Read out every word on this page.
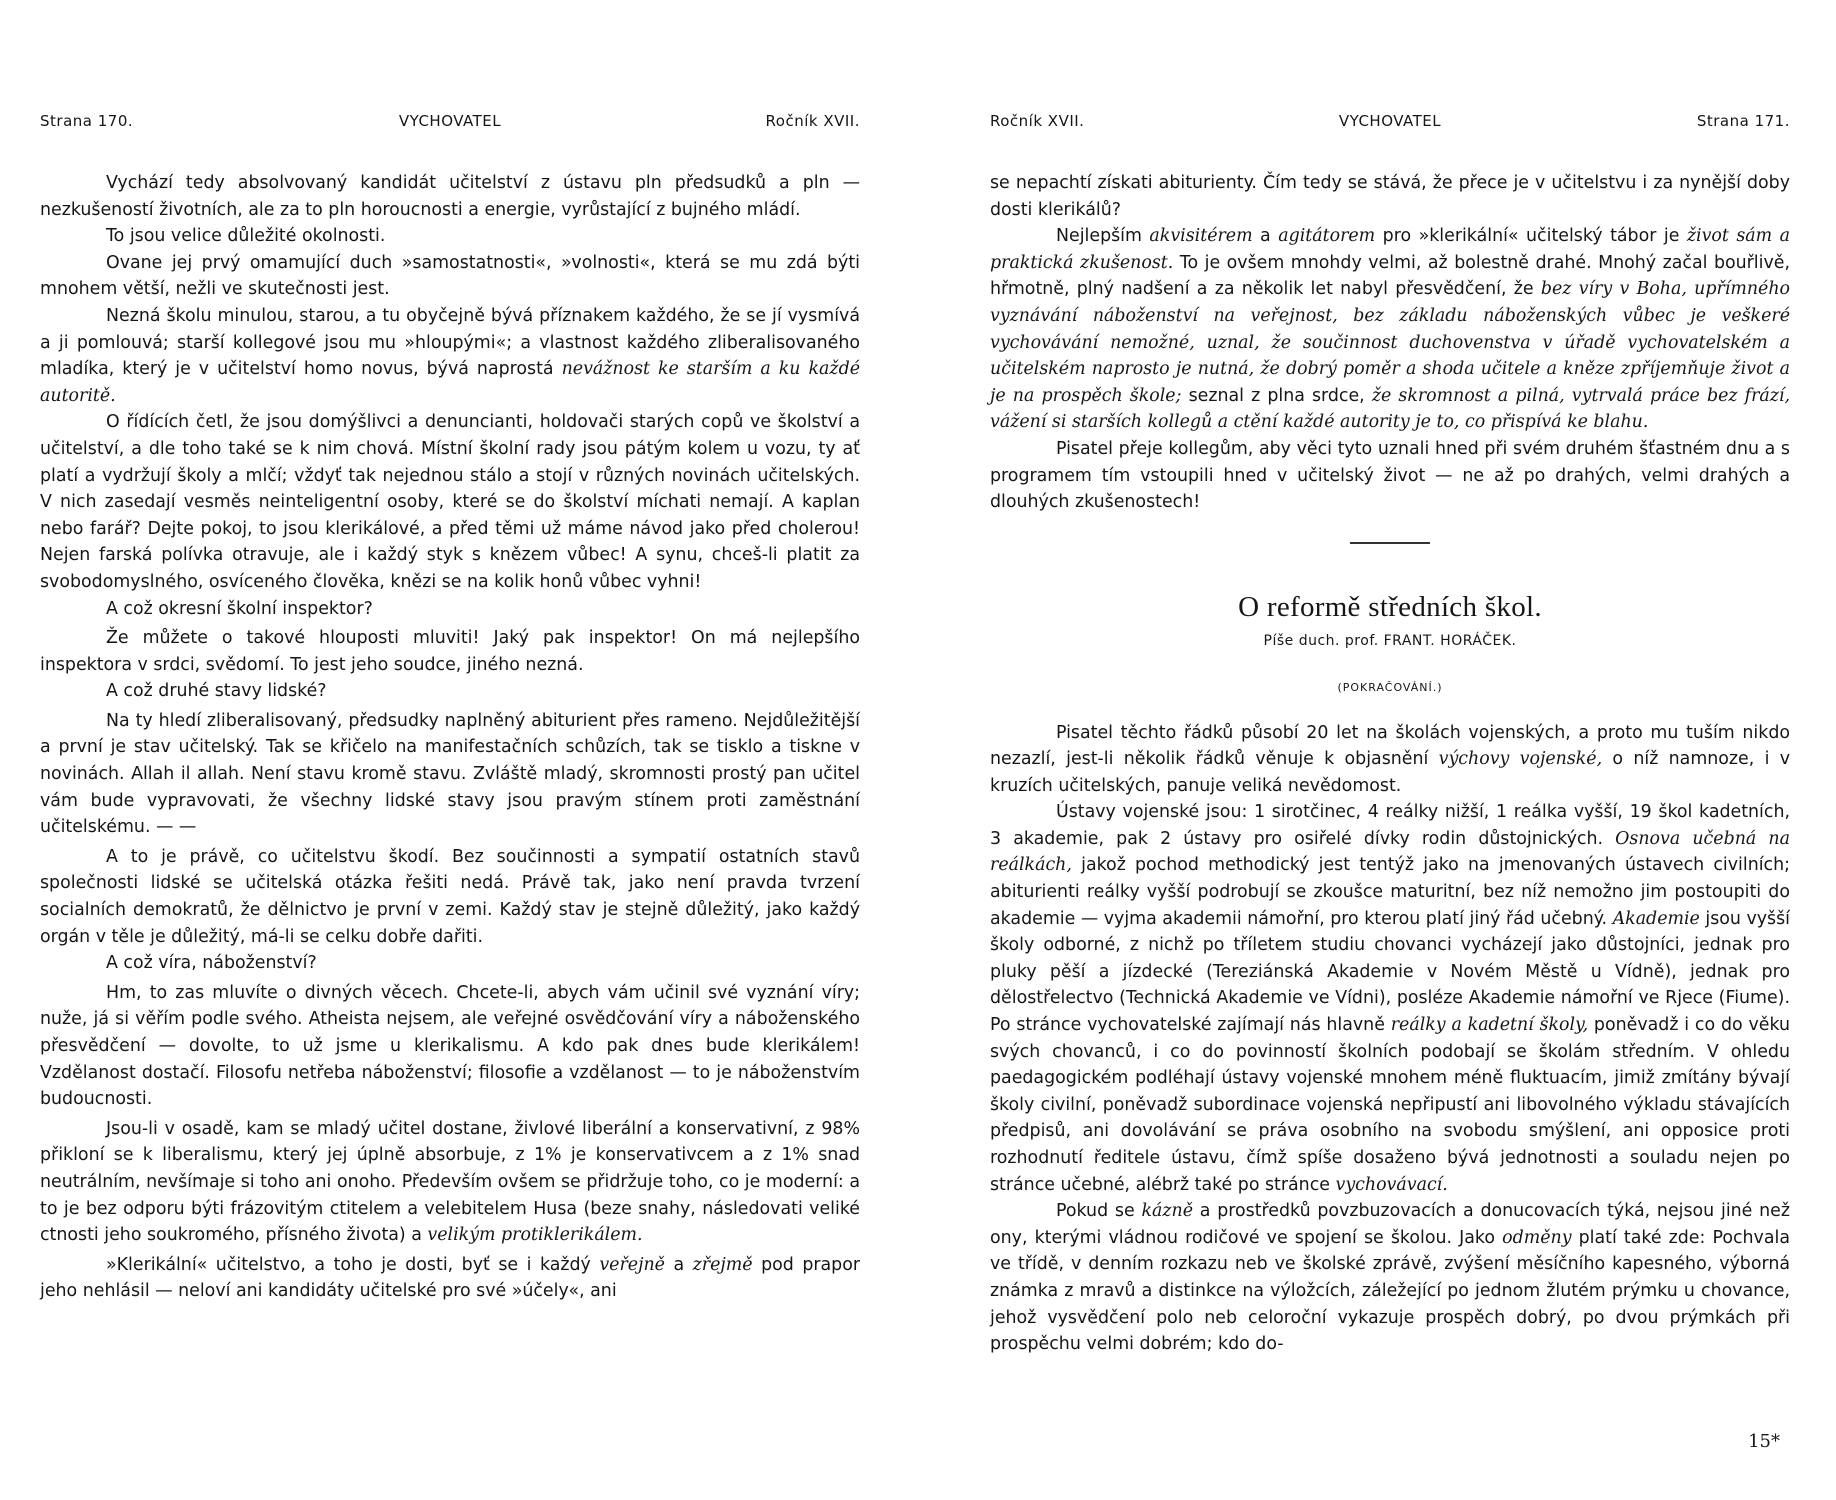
Strana 170.	VYCHOVATEL	Ročník XVII.

Vychází tedy absolvovaný kandidát učitelství z ústavu pln předsudků a pln — nezkušeností životních, ale za to pln horoucnosti a energie, vyrůstající z bujného mládí.

To jsou velice důležité okolnosti.

Ovane jej prvý omamující duch »samostatnosti«, »volnosti«, která se mu zdá býti mnohem větší, nežli ve skutečnosti jest.

Nezná školu minulou, starou, a tu obyčejně bývá příznakem každého, že se jí vysmívá a ji pomlouvá; starší kollegové jsou mu »hloupými«; a vlastnost každého zliberalisovaného mladíka, který je v učitelství homo novus, bývá naprostá nevážnost ke starším a ku každé autoritě.

O řídících četl, že jsou domýšlivci a denuncianti, holdovači starých copů ve školství a učitelství, a dle toho také se k nim chová. Místní školní rady jsou pátým kolem u vozu, ty ať platí a vydržují školy a mlčí; vždyť tak nejednou stálo a stojí v různých novinách učitelských. V nich zasedají vesměs neinteligentní osoby, které se do školství míchati nemají. A kaplan nebo farář? Dejte pokoj, to jsou klerikálové, a před těmi už máme návod jako před cholerou! Nejen farská polívka otravuje, ale i každý styk s knězem vůbec! A synu, chceš-li platit za svobodomyslného, osvíceného člověka, knězi se na kolik honů vůbec vyhni!

A což okresní školní inspektor?

Že můžete o takové hlouposti mluviti! Jaký pak inspektor! On má nejlepšího inspektora v srdci, svědomí. To jest jeho soudce, jiného nezná.

A což druhé stavy lidské?

Na ty hledí zliberalisovaný, předsudky naplněný abiturient přes rameno. Nejdůležitější a první je stav učitelský. Tak se křičelo na manifestačních schůzích, tak se tisklo a tiskne v novinách. Allah il allah. Není stavu kromě stavu. Zvláště mladý, skromnosti prostý pan učitel vám bude vypravovati, že všechny lidské stavy jsou pravým stínem proti zaměstnání učitelskému. — —

A to je právě, co učitelstvu škodí. Bez součinnosti a sympatií ostatních stavů společnosti lidské se učitelská otázka řešiti nedá. Právě tak, jako není pravda tvrzení socialních demokratů, že dělnictvo je první v zemi. Každý stav je stejně důležitý, jako každý orgán v těle je důležitý, má-li se celku dobře dařiti.

A což víra, náboženství?

Hm, to zas mluvíte o divných věcech. Chcete-li, abych vám učinil své vyznání víry; nuže, já si věřím podle svého. Atheista nejsem, ale veřejné osvědčování víry a náboženského přesvědčení — dovolte, to už jsme u klerikalismu. A kdo pak dnes bude klerikálem! Vzdělanost dostačí. Filosofu netřeba náboženství; filosofie a vzdělanost — to je náboženstvím budoucnosti.

Jsou-li v osadě, kam se mladý učitel dostane, živlové liberální a konservativní, z 98% přikloní se k liberalismu, který jej úplně absorbuje, z 1% je konservativcem a z 1% snad neutrálním, nevšímaje si toho ani onoho. Především ovšem se přidržuje toho, co je moderní: a to je bez odporu býti frázovitým ctitelem a velebitelem Husa (beze snahy, následovati veliké ctnosti jeho soukromého, přísného života) a velikým protiklerikálem.

»Klerikální« učitelstvo, a toho je dosti, byť se i každý veřejně a zřejmě pod prapor jeho nehlásil — neloví ani kandidáty učitelské pro své »účely«, ani

Ročník XVII.	VYCHOVATEL	Strana 171.

se nepachtí získati abiturienty. Čím tedy se stává, že přece je v učitelstvu i za nynější doby dosti klerikálů?

Nejlepším akvisitérem a agitátorem pro »klerikální« učitelský tábor je život sám a praktická zkušenost. To je ovšem mnohdy velmi, až bolestně drahé. Mnohý začal bouřlivě, hřmotně, plný nadšení a za několik let nabyl přesvědčení, že bez víry v Boha, upřímného vyznávání náboženství na veřejnost, bez základu náboženských vůbec je veškeré vychovávání nemožné, uznal, že součinnost duchovenstva v úřadě vychovatelském a učitelském naprosto je nutná, že dobrý poměr a shoda učitele a kněze zpříjemňuje život a je na prospěch škole; seznal z plna srdce, že skromnost a pilná, vytrvalá práce bez frází, vážení si starších kollegů a ctění každé autority je to, co přispívá ke blahu.

Pisatel přeje kollegům, aby věci tyto uznali hned při svém druhém šťastném dnu a s programem tím vstoupili hned v učitelský život — ne až po drahých, velmi drahých a dlouhých zkušenostech!

O reformě středních škol.
Píše duch. prof. FRANT. HORÁČEK.
(POKRAČOVÁNÍ.)

Pisatel těchto řádků působí 20 let na školách vojenských, a proto mu tuším nikdo nezazlí, jest-li několik řádků věnuje k objasnění výchovy vojenské, o níž namnoze, i v kruzích učitelských, panuje veliká nevědomost.

Ústavy vojenské jsou: 1 sirotčinec, 4 reálky nižší, 1 reálka vyšší, 19 škol kadetních, 3 akademie, pak 2 ústavy pro osiřelé dívky rodin důstojnických. Osnova učebná na reálkách, jakož pochod methodický jest tentýž jako na jmenovaných ústavech civilních; abiturienti reálky vyšší podrobují se zkoušce maturitní, bez níž nemožno jim postoupiti do akademie — vyjma akademii námořní, pro kterou platí jiný řád učebný. Akademie jsou vyšší školy odborné, z nichž po tříletem studiu chovanci vycházejí jako důstojníci, jednak pro pluky pěší a jízdecké (Tereziánská Akademie v Novém Městě u Vídně), jednak pro dělostřelectvo (Technická Akademie ve Vídni), posléze Akademie námořní ve Rjece (Fiume). Po stránce vychovatelské zajímají nás hlavně reálky a kadetní školy, poněvadž i co do věku svých chovanců, i co do povinností školních podobají se školám středním. V ohledu paedagogickém podléhají ústavy vojenské mnohem méně fluktuacím, jimiž zmítány bývají školy civilní, poněvadž subordinace vojenská nepřipustí ani libovolného výkladu stávajících předpisů, ani dovolávání se práva osobního na svobodu smýšlení, ani opposice proti rozhodnutí ředitele ústavu, čímž spíše dosaženo bývá jednotnosti a souladu nejen po stránce učebné, alébrž také po stránce vychovávací.

Pokud se kázně a prostředků povzbuzovacích a donucovacích týká, nejsou jiné než ony, kterými vládnou rodičové ve spojení se školou. Jako odměny platí také zde: Pochvala ve třídě, v denním rozkazu neb ve školské zprávě, zvýšení měsíčního kapesného, výborná známka z mravů a distinkce na výložcích, záležející po jednom žlutém prýmku u chovance, jehož vysvědčení polo neb celoroční vykazuje prospěch dobrý, po dvou prýmkách při prospěchu velmi dobrém; kdo do-

15*
